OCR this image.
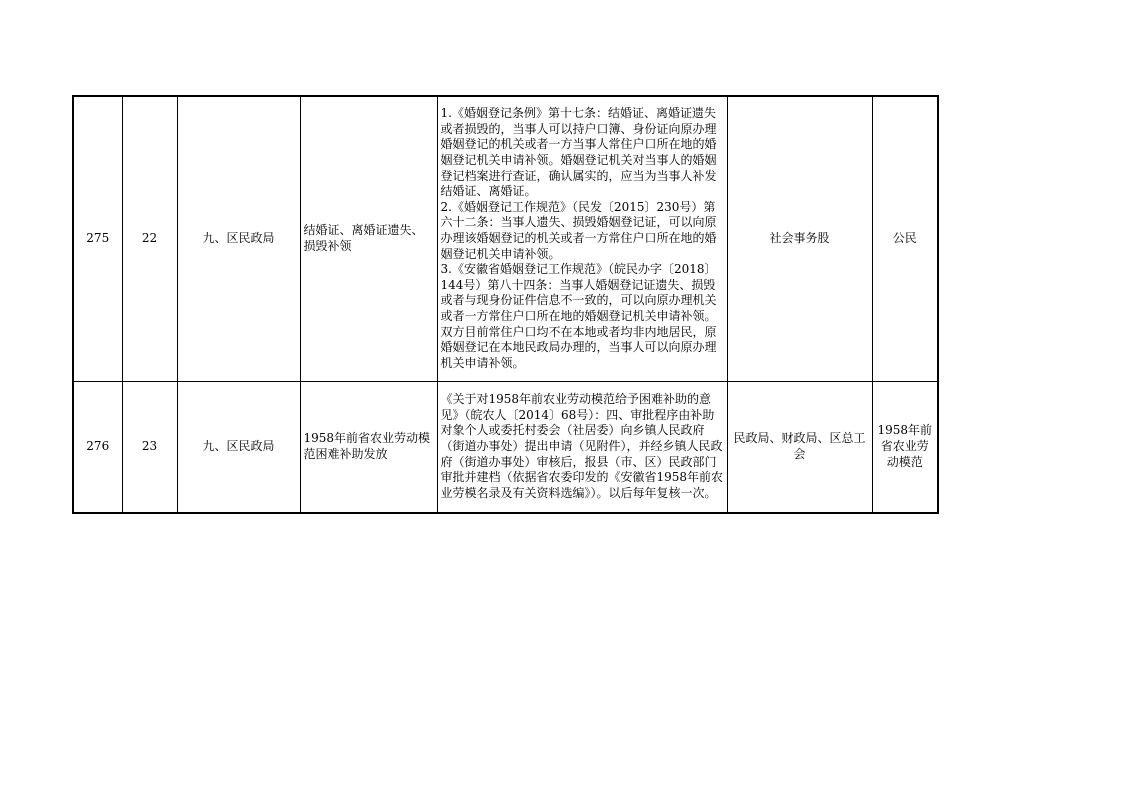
275	22	九、区民政局	结婚证、离婚证遗失、损毁补领	1.《婚姻登记条例》第十七条：结婚证、离婚证遗失或者损毁的，当事人可以持户口簿、身份证向原办理婚姻登记的机关或者一方当事人常住户口所在地的婚姻登记机关申请补领。婚姻登记机关对当事人的婚姻登记档案进行查证，确认属实的，应当为当事人补发结婚证、离婚证。

2.《婚姻登记工作规范》（民发〔2015〕230号）第六十二条：当事人遗失、损毁婚姻登记证，可以向原办理该婚姻登记的机关或者一方常住户口所在地的婚姻登记机关申请补领。

3.《安徽省婚姻登记工作规范》（皖民办字〔2018〕144号）第八十四条：当事人婚姻登记证遗失、损毁或者与现身份证件信息不一致的，可以向原办理机关或者一方常住户口所在地的婚姻登记机关申请补领。双方目前常住户口均不在本地或者均非内地居民，原婚姻登记在本地民政局办理的，当事人可以向原办理机关申请补领。	社会事务股	公民
276	23	九、区民政局	1958年前省农业劳动模范困难补助发放	《关于对1958年前农业劳动模范给予困难补助的意见》（皖农人〔2014〕68号）：四、审批程序由补助对象个人或委托村委会（社居委）向乡镇人民政府（街道办事处）提出申请（见附件），并经乡镇人民政府（街道办事处）审核后，报县（市、区）民政部门审批并建档（依据省农委印发的《安徽省1958年前农业劳模名录及有关资料选编》）。以后每年复核一次。	民政局、财政局、区总工会	1958年前省农业劳动模范
